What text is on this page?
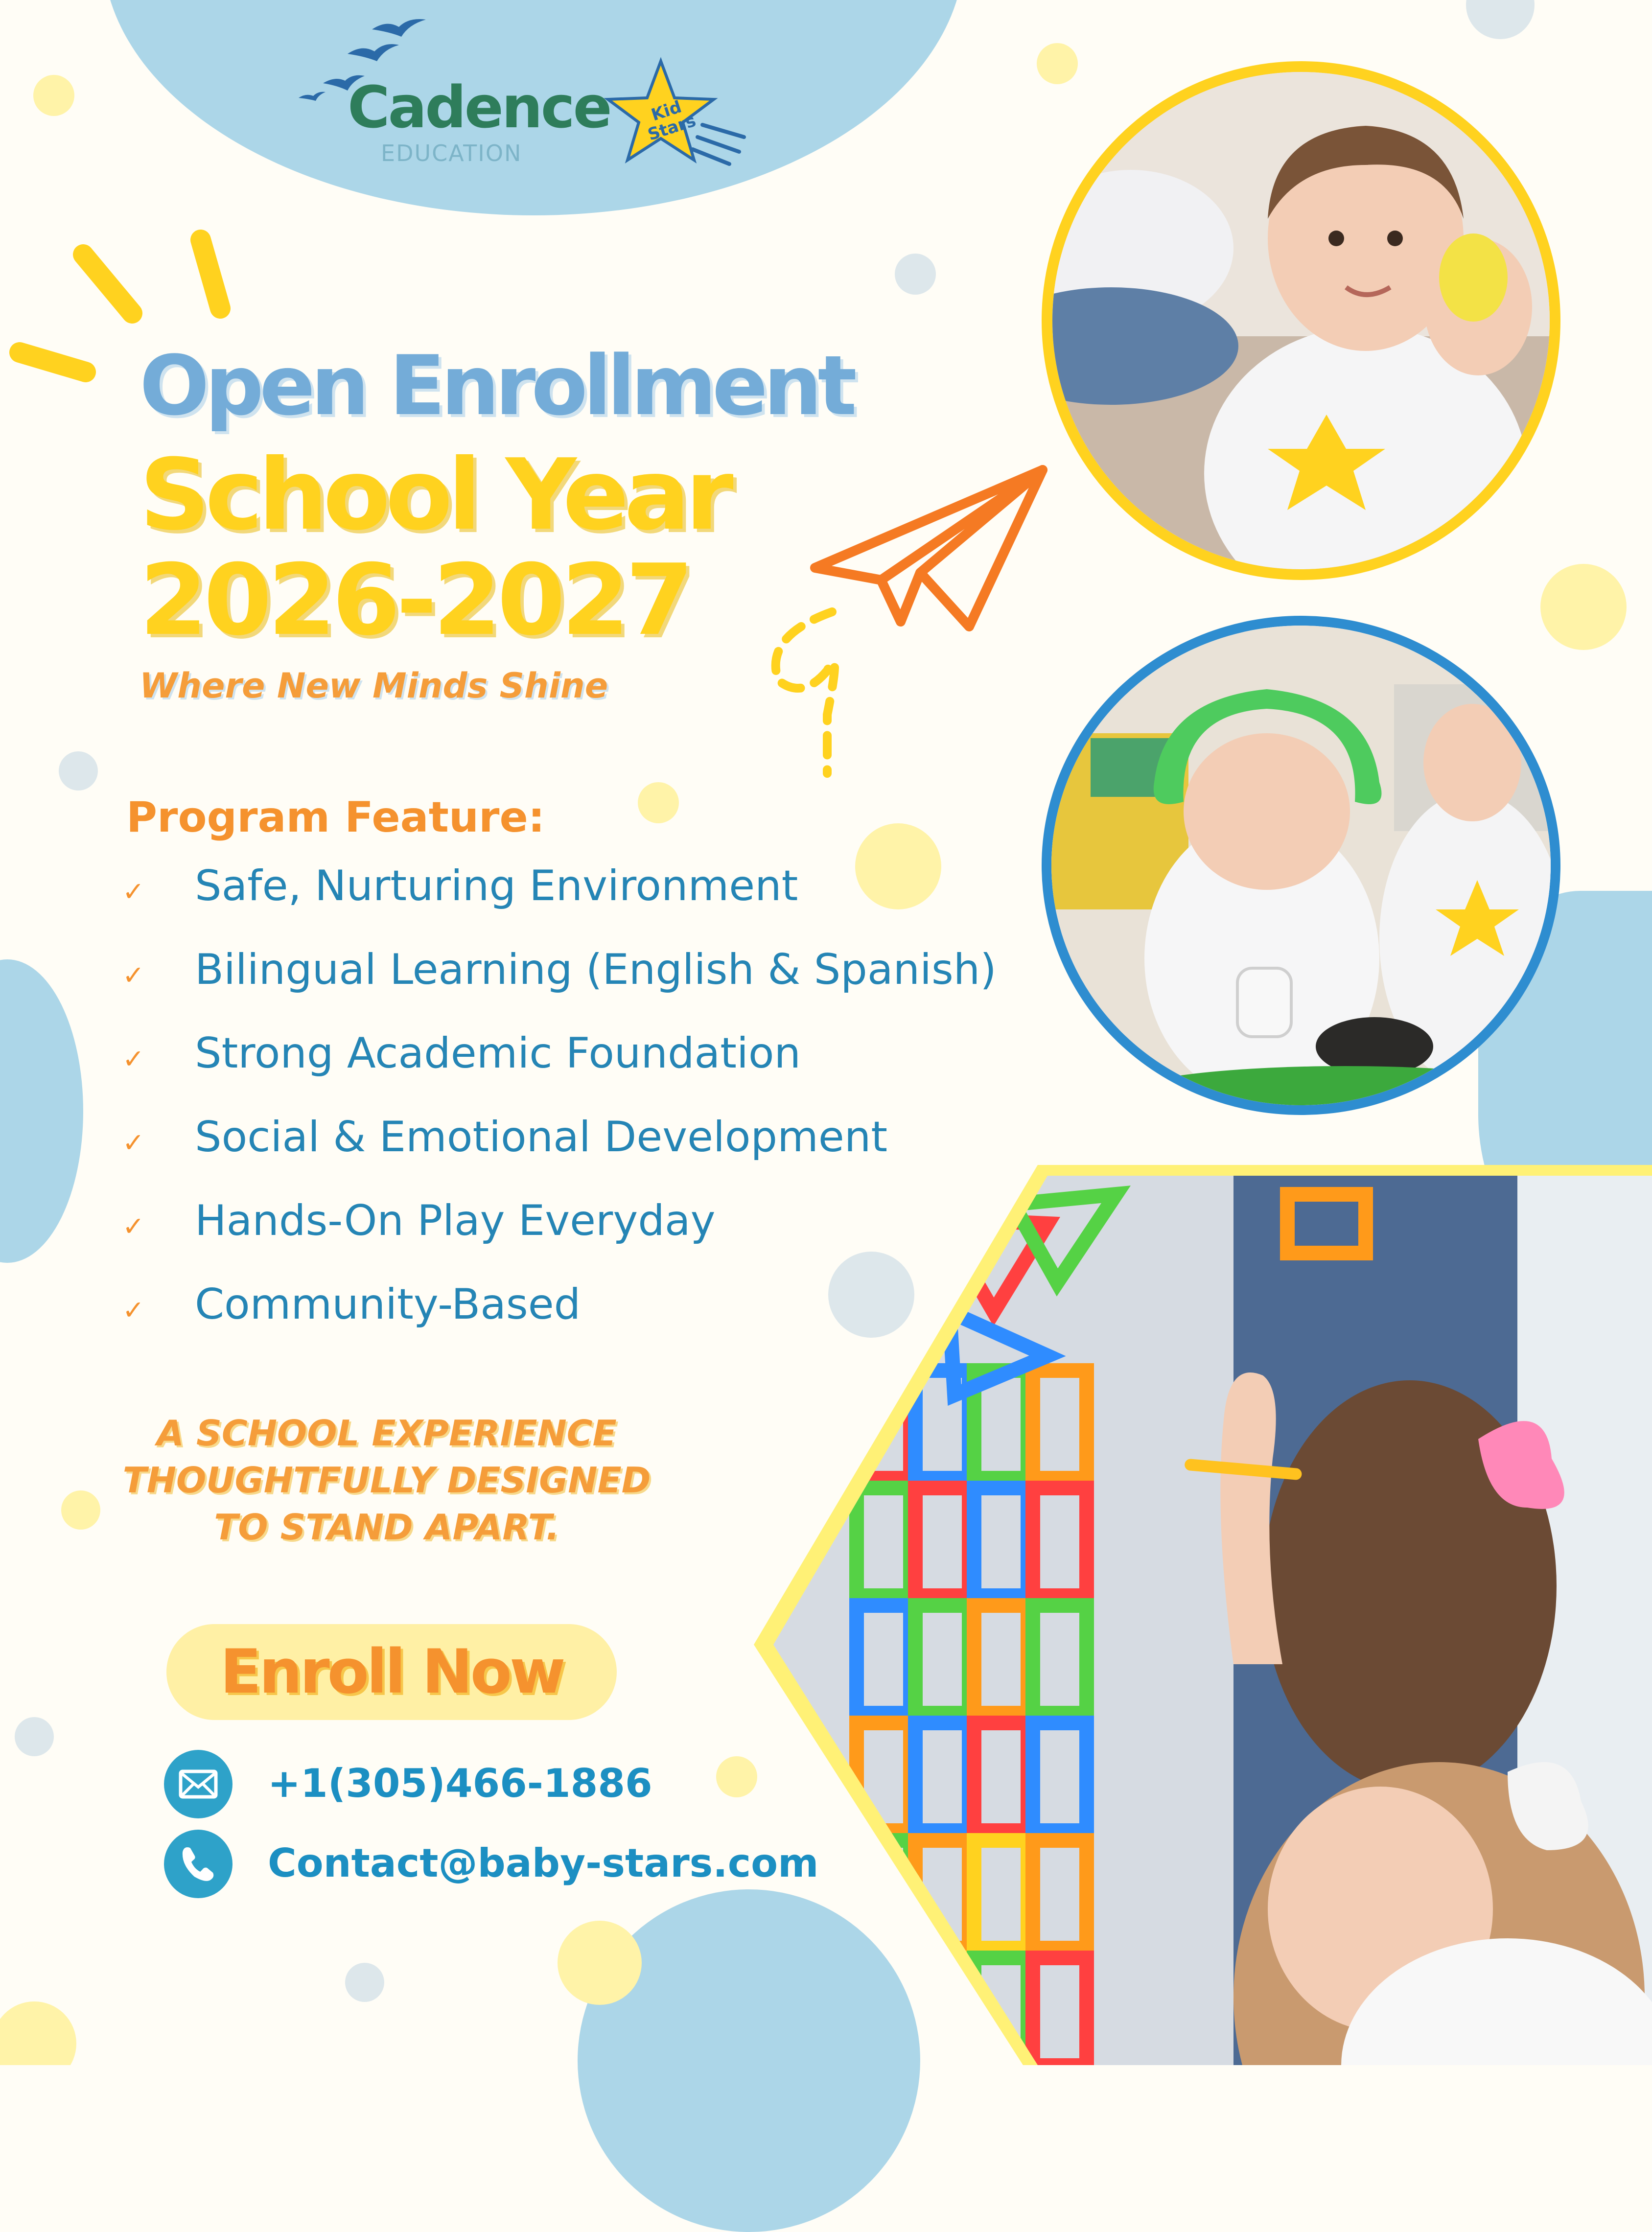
Cadence
EDUCATION
Kid Stars
Open Enrollment
School Year
2026-2027
Where New Minds Shine
Program Feature:
✓ Safe, Nurturing Environment
✓ Bilingual Learning (English & Spanish)
✓ Strong Academic Foundation
✓ Social & Emotional Development
✓ Hands-On Play Everyday
✓ Community-Based
A SCHOOL EXPERIENCE
THOUGHTFULLY DESIGNED
TO STAND APART.
Enroll Now
+1(305)466-1886
Contact@baby-stars.com
